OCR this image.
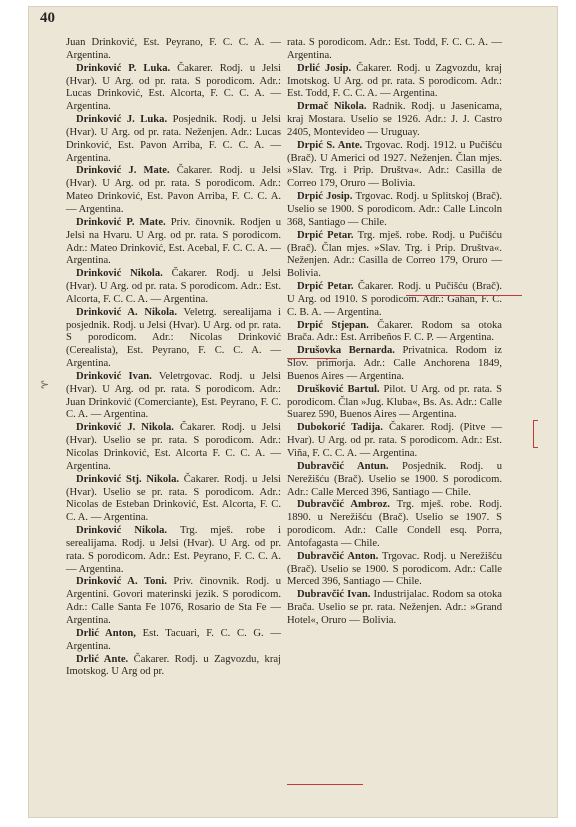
40

Juan Drinković, Est. Peyrano, F. C. C. A. — Argentina.

Drinković P. Luka. Čakarer. Rodj. u Jelsi (Hvar). U Arg. od pr. rata. S porodicom. Adr.: Lucas Drinković, Est. Alcorta, F. C. C. A. — Argentina.

Drinković J. Luka. Posjednik. Rodj. u Jelsi (Hvar). U Arg. od pr. rata. Neženjen. Adr.: Lucas Drinković, Est. Pavon Arriba, F. C. C. A. — Argentina.

Drinković J. Mate. Čakarer. Rodj. u Jelsi (Hvar). U Arg. od pr. rata. S porodicom. Adr.: Mateo Drinković, Est. Pavon Arriba, F. C. C. A. — Argentina.

Drinković P. Mate. Priv. činovnik. Rodjen u Jelsi na Hvaru. U Arg. od pr. rata. S porodicom. Adr.: Mateo Drinković, Est. Acebal, F. C. C. A. — Argentina.

Drinković Nikola. Čakarer. Rodj. u Jelsi (Hvar). U Arg. od pr. rata. S porodicom. Adr.: Est. Alcorta, F. C. C. A. — Argentina.

Drinković A. Nikola. Veletrg. serealijama i posjednik. Rodj. u Jelsi (Hvar). U Arg. od pr. rata. S porodicom. Adr.: Nicolas Drinković (Cerealista), Est. Peyrano, F. C. C. A. — Argentina.

Drinković Ivan. Veletrgovac. Rodj. u Jelsi (Hvar). U Arg. od pr. rata. S porodicom. Adr.: Juan Drinković (Comerciante), Est. Peyrano, F. C. C. A. — Argentina.

Drinković J. Nikola. Čakarer. Rodj. u Jelsi (Hvar). Uselio se pr. rata. S porodicom. Adr.: Nicolas Drinković, Est. Alcorta F. C. C. A. — Argentina.

Drinković Stj. Nikola. Čakarer. Rodj. u Jelsi (Hvar). Uselio se pr. rata. S porodicom. Adr.: Nicolas de Esteban Drinković, Est. Alcorta, F. C. C. A. — Argentina.

Drinković Nikola. Trg. mješ. robe i serealijama. Rodj. u Jelsi (Hvar). U Arg. od pr. rata. S porodicom. Adr.: Est. Peyrano, F. C. C. A. — Argentina.

Drinković A. Toni. Priv. činovnik. Rodj. u Argentini. Govori materinski jezik. S porodicom. Adr.: Calle Santa Fe 1076, Rosario de Sta Fe — Argentina.

Drlić Anton, Est. Tacuari, F. C. C. G. — Argentina.

Drlić Ante. Čakarer. Rodj. u Zagvozdu, kraj Imotskog. U Arg od pr.

rata. S porodicom. Adr.: Est. Todd, F. C. C. A. — Argentina.

Drlić Josip. Čakarer. Rodj. u Zagvozdu, kraj Imotskog. U Arg. od pr. rata. S porodicom. Adr.: Est. Todd, F. C. C. A. — Argentina.

Drmač Nikola. Radnik. Rodj. u Jasenicama, kraj Mostara. Uselio se 1926. Adr.: J. J. Castro 2405, Montevideo — Uruguay.

Drpić S. Ante. Trgovac. Rodj. 1912. u Pučišću (Brač). U Americi od 1927. Neženjen. Član mjes. »Slav. Trg. i Prip. Društva«. Adr.: Casilla de Correo 179, Oruro — Bolivia.

Drpić Josip. Trgovac. Rodj. u Splitskoj (Brač). Uselio se 1900. S porodicom. Adr.: Calle Lincoln 368, Santiago — Chile.

Drpić Petar. Trg. mješ. robe. Rodj. u Pučišću (Brač). Član mjes. »Slav. Trg. i Prip. Društva«. Neženjen. Adr.: Casilla de Correo 179, Oruro — Bolivia.

Drpić Petar. Čakarer. Rodj. u Pučišću (Brač). U Arg. od 1910. S porodicom. Adr.: Gahan, F. C. C. B. A. — Argentina.

Drpić Stjepan. Čakarer. Rodom sa otoka Brača. Adr.: Est. Arribeños F. C. P. — Argentina.

Drušovka Bernarda. Privatnica. Rodom iz Slov. primorja. Adr.: Calle Anchorena 1849, Buenos Aires — Argentina.

Drušković Bartul. Pilot. U Arg. od pr. rata. S porodicom. Član »Jug. Kluba«, Bs. As. Adr.: Calle Suarez 590, Buenos Aires — Argentina.

Dubokorić Tadija. Čakarer. Rodj. (Pitve — Hvar). U Arg. od pr. rata. S porodicom. Adr.: Est. Viña, F. C. C. A. — Argentina.

Dubravčić Antun. Posjednik. Rodj. u Nerežišću (Brač). Uselio se 1900. S porodicom. Adr.: Calle Merced 396, Santiago — Chile.

Dubravčić Ambroz. Trg. mješ. robe. Rodj. 1890. u Nerežišću (Brač). Uselio se 1907. S porodicom. Adr.: Calle Condell esq. Porra, Antofagasta — Chile.

Dubravčić Anton. Trgovac. Rodj. u Nerežišću (Brač). Uselio se 1900. S porodicom. Adr.: Calle Merced 396, Santiago — Chile.

Dubravčić Ivan. Industrijalac. Rodom sa otoka Brača. Uselio se pr. rata. Neženjen. Adr.: »Grand Hotel«, Oruro — Bolivia.

⊱
